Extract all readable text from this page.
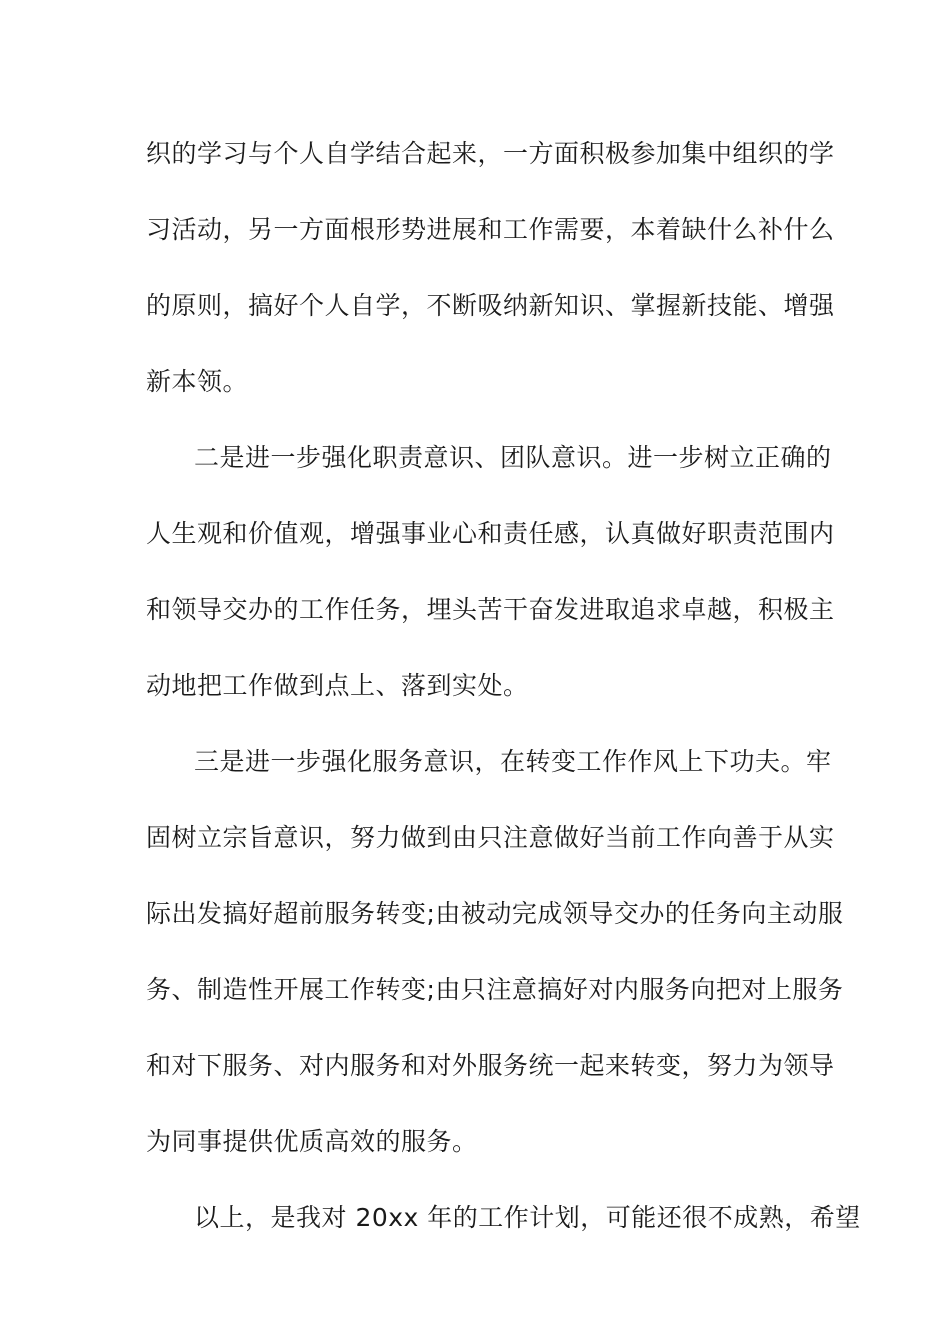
织的学习与个人自学结合起来，一方面积极参加集中组织的学
习活动，另一方面根形势进展和工作需要，本着缺什么补什么
的原则，搞好个人自学，不断吸纳新知识、掌握新技能、增强
新本领。
二是进一步强化职责意识、团队意识。进一步树立正确的
人生观和价值观，增强事业心和责任感，认真做好职责范围内
和领导交办的工作任务，埋头苦干奋发进取追求卓越，积极主
动地把工作做到点上、落到实处。
三是进一步强化服务意识，在转变工作作风上下功夫。牢
固树立宗旨意识，努力做到由只注意做好当前工作向善于从实
际出发搞好超前服务转变;由被动完成领导交办的任务向主动服
务、制造性开展工作转变;由只注意搞好对内服务向把对上服务
和对下服务、对内服务和对外服务统一起来转变，努力为领导
为同事提供优质高效的服务。
以上，是我对 20xx 年的工作计划，可能还很不成熟，希望
